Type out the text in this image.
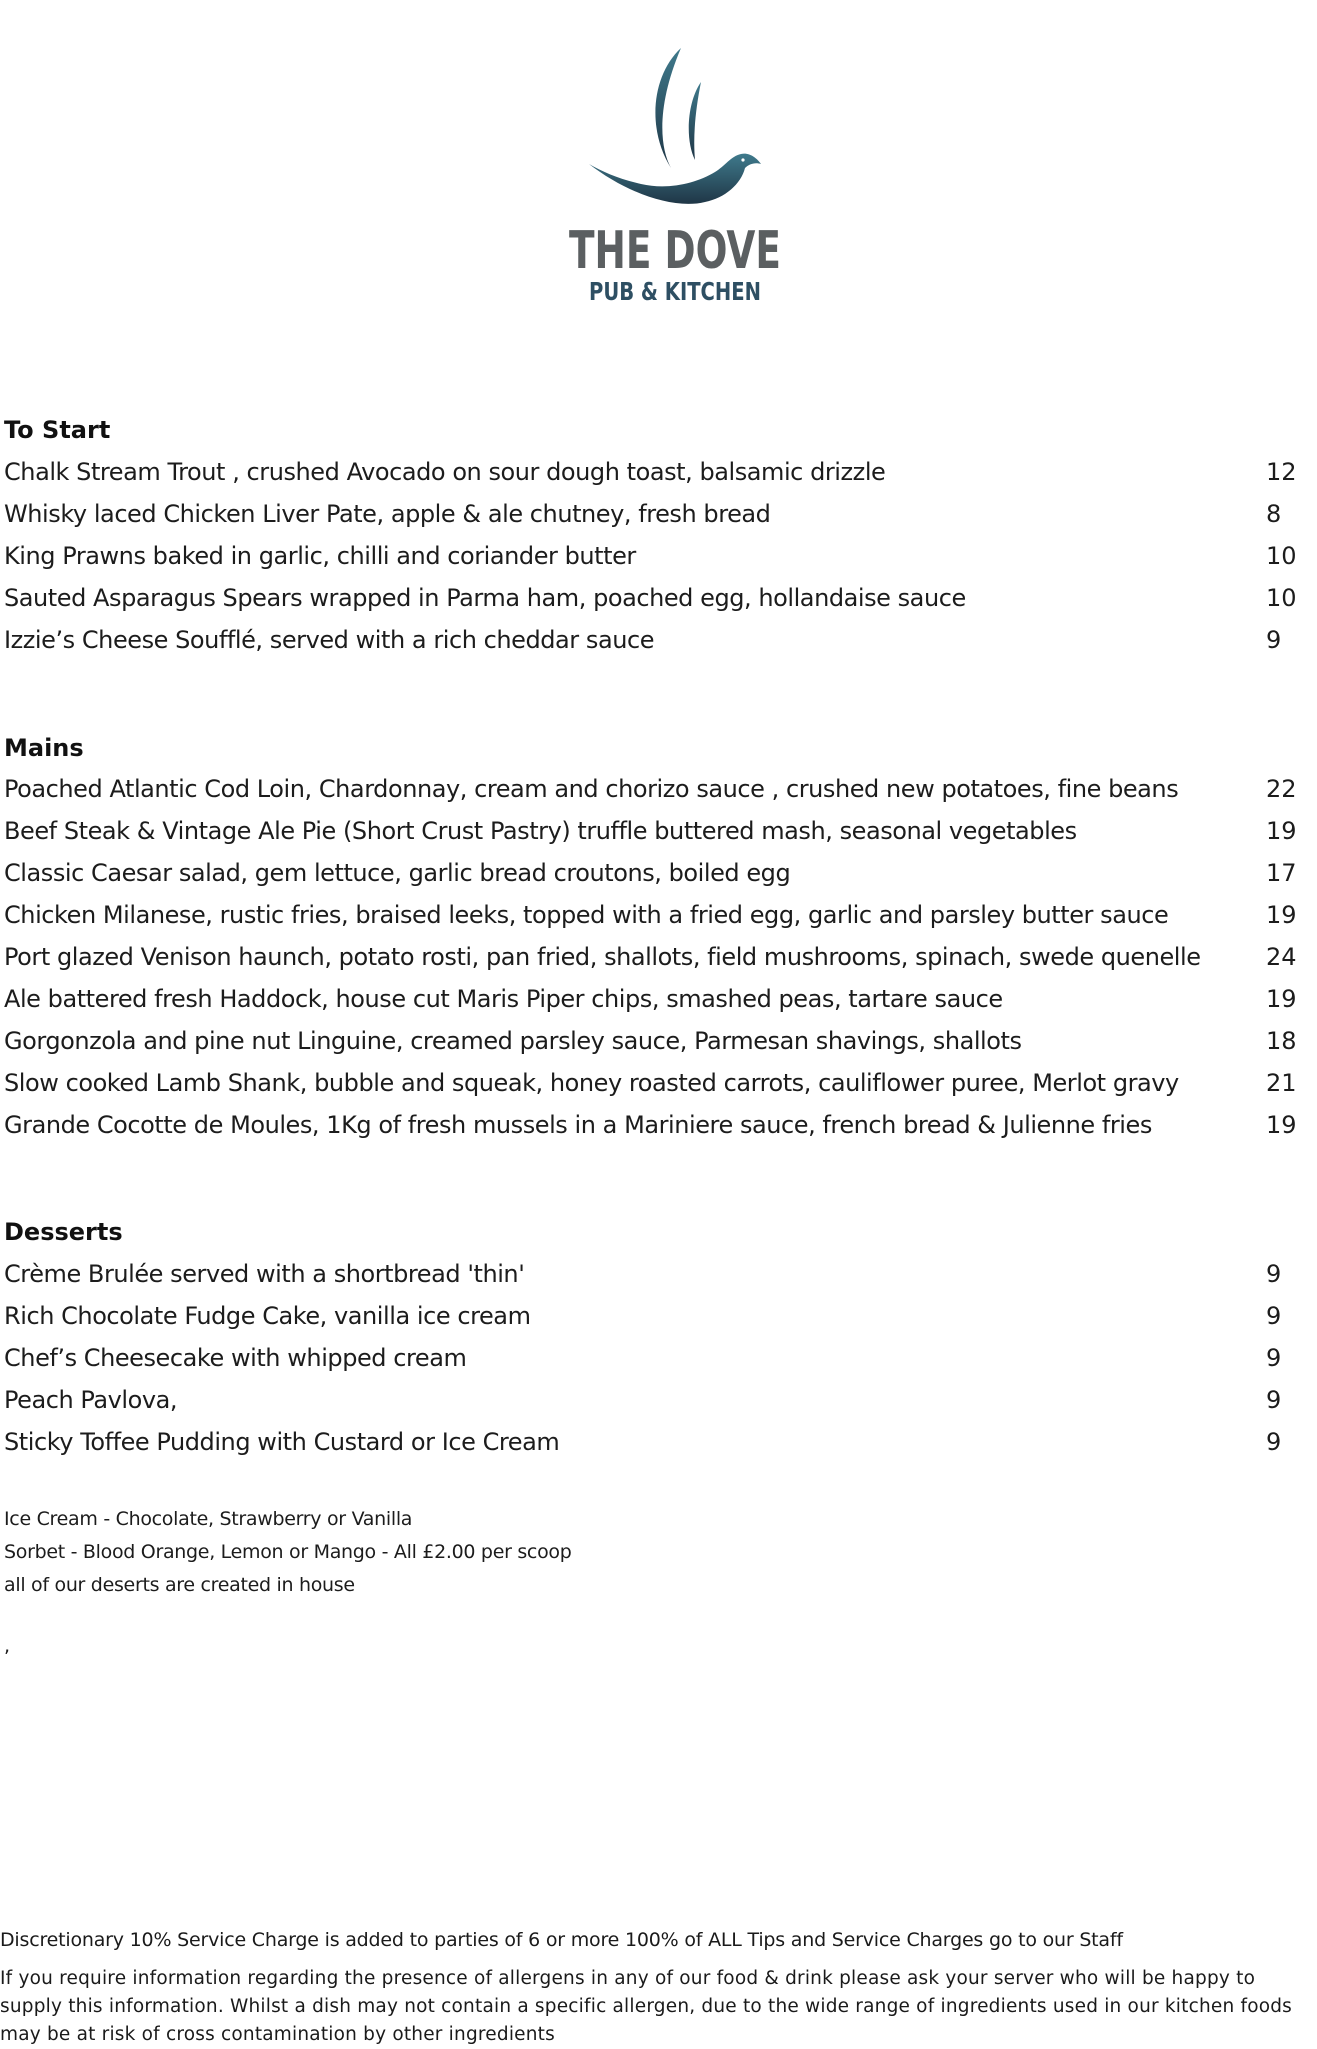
THE DOVE
PUB & KITCHEN
To Start
Chalk Stream Trout , crushed Avocado on sour dough toast, balsamic drizzle	12
Whisky laced Chicken Liver Pate, apple & ale chutney, fresh bread	8
King Prawns baked in garlic, chilli and coriander butter	10
Sauted Asparagus Spears wrapped in Parma ham, poached egg, hollandaise sauce	10
Izzie’s Cheese Soufflé, served with a rich cheddar sauce	9
Mains
Poached Atlantic Cod Loin, Chardonnay, cream and chorizo sauce , crushed new potatoes, fine beans	22
Beef Steak & Vintage Ale Pie (Short Crust Pastry) truffle buttered mash, seasonal vegetables	19
Classic Caesar salad, gem lettuce, garlic bread croutons, boiled egg	17
Chicken Milanese, rustic fries, braised leeks, topped with a fried egg, garlic and parsley butter sauce	19
Port glazed Venison haunch, potato rosti, pan fried, shallots, field mushrooms, spinach, swede quenelle	24
Ale battered fresh Haddock, house cut Maris Piper chips, smashed peas, tartare sauce	19
Gorgonzola and pine nut Linguine, creamed parsley sauce, Parmesan shavings, shallots	18
Slow cooked Lamb Shank, bubble and squeak, honey roasted carrots, cauliflower puree, Merlot gravy	21
Grande Cocotte de Moules, 1Kg of fresh mussels in a Mariniere sauce, french bread & Julienne fries	19
Desserts
Crème Brulée served with a shortbread 'thin'	9
Rich Chocolate Fudge Cake, vanilla ice cream	9
Chef’s Cheesecake with whipped cream	9
Peach Pavlova,	9
Sticky Toffee Pudding with Custard or Ice Cream	9
Ice Cream - Chocolate, Strawberry or Vanilla
Sorbet - Blood Orange, Lemon or Mango - All £2.00 per scoop
all of our deserts are created in house
,
Discretionary 10% Service Charge is added to parties of 6 or more 100% of ALL Tips and Service Charges go to our Staff
If you require information regarding the presence of allergens in any of our food & drink please ask your server who will be happy to supply this information. Whilst a dish may not contain a specific allergen, due to the wide range of ingredients used in our kitchen foods may be at risk of cross contamination by other ingredients
